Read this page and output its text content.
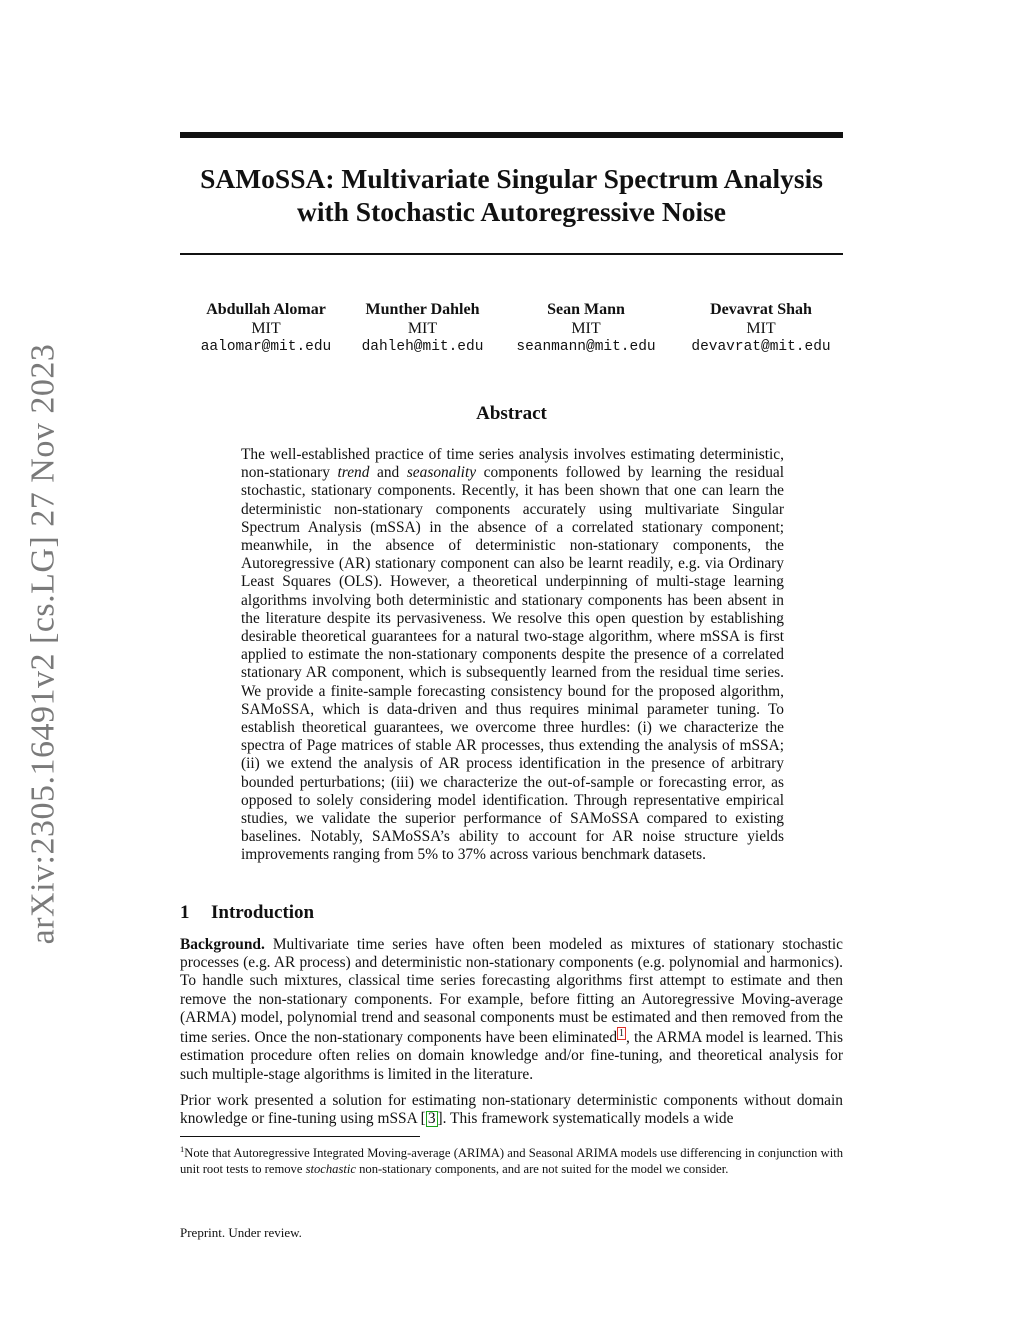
arXiv:2305.16491v2 [cs.LG] 27 Nov 2023
SAMoSSA: Multivariate Singular Spectrum Analysis
with Stochastic Autoregressive Noise
Abdullah Alomar
MIT
aalomar@mit.edu
Munther Dahleh
MIT
dahleh@mit.edu
Sean Mann
MIT
seanmann@mit.edu
Devavrat Shah
MIT
devavrat@mit.edu
Abstract
The well-established practice of time series analysis involves estimating deterministic, non-stationary trend and seasonality components followed by learning the residual stochastic, stationary components. Recently, it has been shown that one can learn the deterministic non-stationary components accurately using multivariate Singular Spectrum Analysis (mSSA) in the absence of a correlated stationary component; meanwhile, in the absence of deterministic non-stationary components, the Autoregressive (AR) stationary component can also be learnt readily, e.g. via Ordinary Least Squares (OLS). However, a theoretical underpinning of multi-stage learning algorithms involving both deterministic and stationary components has been absent in the literature despite its pervasiveness. We resolve this open question by establishing desirable theoretical guarantees for a natural two-stage algorithm, where mSSA is first applied to estimate the non-stationary components despite the presence of a correlated stationary AR component, which is subsequently learned from the residual time series. We provide a finite-sample forecasting consistency bound for the proposed algorithm, SAMoSSA, which is data-driven and thus requires minimal parameter tuning. To establish theoretical guarantees, we overcome three hurdles: (i) we characterize the spectra of Page matrices of stable AR processes, thus extending the analysis of mSSA; (ii) we extend the analysis of AR process identification in the presence of arbitrary bounded perturbations; (iii) we characterize the out-of-sample or forecasting error, as opposed to solely considering model identification. Through representative empirical studies, we validate the superior performance of SAMoSSA compared to existing baselines. Notably, SAMoSSA’s ability to account for AR noise structure yields improvements ranging from 5% to 37% across various benchmark datasets.
1 Introduction
Background. Multivariate time series have often been modeled as mixtures of stationary stochastic processes (e.g. AR process) and deterministic non-stationary components (e.g. polynomial and harmonics). To handle such mixtures, classical time series forecasting algorithms first attempt to estimate and then remove the non-stationary components. For example, before fitting an Autoregressive Moving-average (ARMA) model, polynomial trend and seasonal components must be estimated and then removed from the time series. Once the non-stationary components have been eliminated 1 , the ARMA model is learned. This estimation procedure often relies on domain knowledge and/or fine-tuning, and theoretical analysis for such multiple-stage algorithms is limited in the literature.
Prior work presented a solution for estimating non-stationary deterministic components without domain knowledge or fine-tuning using mSSA [ 3 ]. This framework systematically models a wide
$^1$Note that Autoregressive Integrated Moving-average (ARIMA) and Seasonal ARIMA models use differencing in conjunction with unit root tests to remove stochastic non-stationary components, and are not suited for the model we consider.
Preprint. Under review.
